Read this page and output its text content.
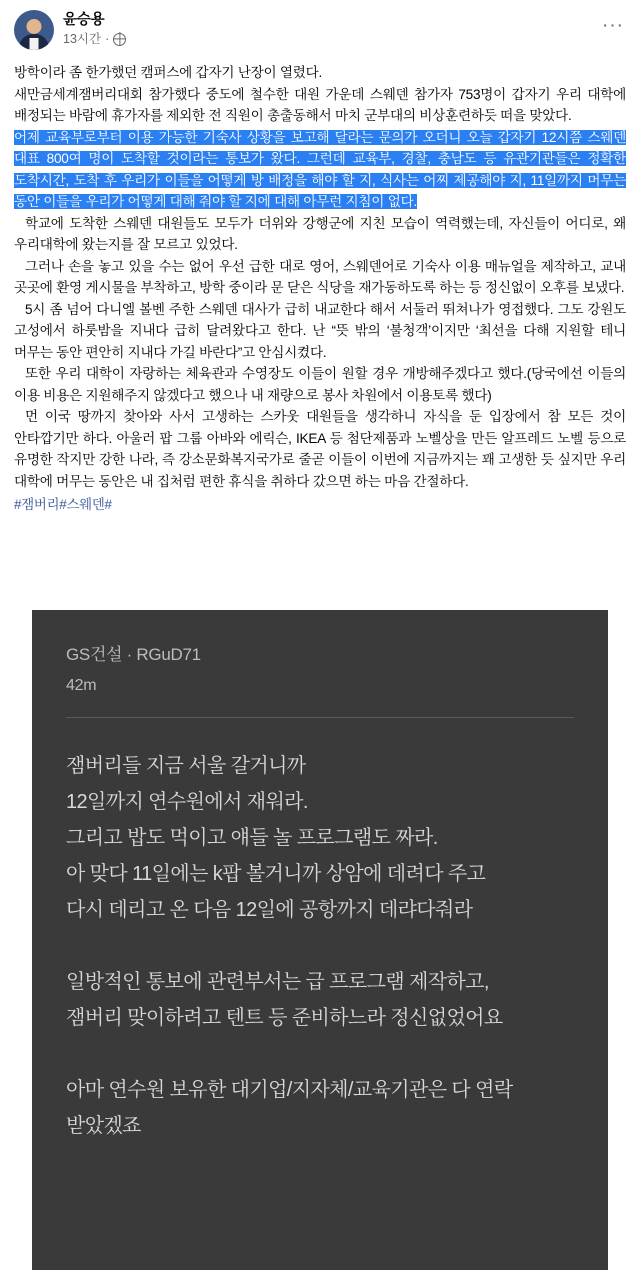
윤승용
13시간 ·
···

방학이라 좀 한가했던 캠퍼스에 갑자기 난장이 열렸다.

새만금세계잼버리대회 참가했다 중도에 철수한 대원 가운데 스웨덴 참가자 753명이 갑자기 우리 대학에 배정되는 바람에 휴가자를 제외한 전 직원이 총출동해서 마치 군부대의 비상훈련하듯 떠을 맞았다.

어제 교육부로부터 이용 가능한 기숙사 상황을 보고해 달라는 문의가 오더니 오늘 갑자기 12시쯤 스웨덴 대표 800여 명이 도착할 것이라는 통보가 왔다. 그런데 교육부, 경찰, 충남도 등 유관기관들은 정확한 도착시간, 도착 후 우리가 이들을 어떻게 방 배정을 해야 할 지, 식사는 어찌 제공해야 지, 11일까지 머무는 동안 이들을 우리가 어떻게 대해 줘야 할 지에 대해 아무런 지침이 없다.

학교에 도착한 스웨덴 대원들도 모두가 더위와 강행군에 지친 모습이 역력했는데, 자신들이 어디로, 왜 우리대학에 왔는지를 잘 모르고 있었다.

그러나 손을 놓고 있을 수는 없어 우선 급한 대로 영어, 스웨덴어로 기숙사 이용 매뉴얼을 제작하고, 교내 곳곳에 환영 게시물을 부착하고, 방학 중이라 문 닫은 식당을 재가동하도록 하는 등 정신없이 오후를 보냈다.

5시 좀 넘어 다니엘 볼벤 주한 스웨덴 대사가 급히 내교한다 해서 서둘러 뛰쳐나가 영접했다. 그도 강원도 고성에서 하룻밤을 지내다 급히 달려왔다고 한다. 난 “뜻 밖의 ‘불청객’이지만 ‘최선을 다해 지원할 테니 머무는 동안 편안히 지내다 가길 바란다”고 안심시켰다.

또한 우리 대학이 자랑하는 체육관과 수영장도 이들이 원할 경우 개방해주겠다고 했다.(당국에선 이들의 이용 비용은 지원해주지 않겠다고 했으나 내 재량으로 봉사 차원에서 이용토록 했다)

먼 이국 땅까지 찾아와 사서 고생하는 스카웃 대원들을 생각하니 자식을 둔 입장에서 참 모든 것이 안타깝기만 하다. 아울러 팝 그룹 아바와 에릭슨, IKEA 등 첨단제품과 노벨상을 만든 알프레드 노벨 등으로 유명한 작지만 강한 나라, 즉 강소문화복지국가로 줄곧 이들이 이번에 지금까지는 꽤 고생한 듯 싶지만 우리 대학에 머무는 동안은 내 집처럼 편한 휴식을 취하다 갔으면 하는 마음 간절하다.

#잼버리#스웨덴#
GS건설 · RGuD71
42m

잼버리들 지금 서울 갈거니까

12일까지 연수원에서 재워라.

그리고 밥도 먹이고 얘들 놀 프로그램도 짜라.

아 맞다 11일에는 k팝 볼거니까 상암에 데려다 주고

다시 데리고 온 다음 12일에 공항까지 데랴다줘라

일방적인 통보에 관련부서는 급 프로그램 제작하고,

잼버리 맞이하려고 텐트 등 준비하느라 정신없었어요

아마 연수원 보유한 대기업/지자체/교육기관은 다 연락

받았겠죠
